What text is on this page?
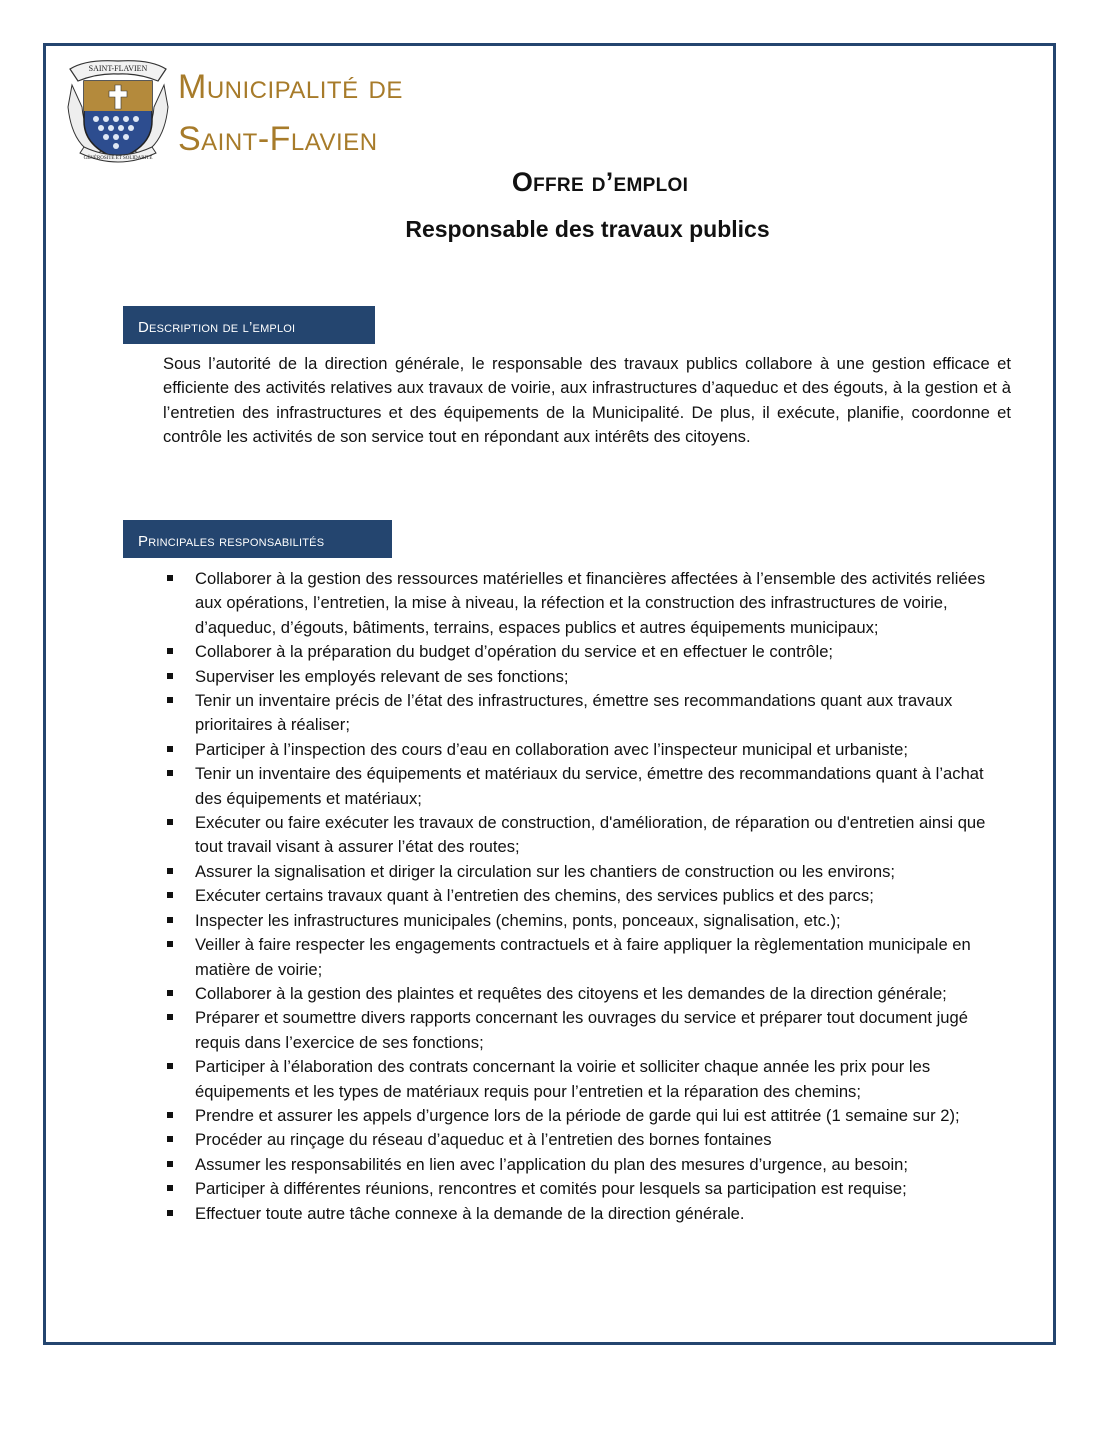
SAINT-FLAVIEN
GÉNÉROSITÉ ET SOLIDARITÉ
Municipalité de
Saint-Flavien
Offre d’emploi
Responsable des travaux publics
Description de l’emploi
Sous l’autorité de la direction générale, le responsable des travaux publics collabore à une gestion efficace et efficiente des activités relatives aux travaux de voirie, aux infrastructures d’aqueduc et des égouts, à la gestion et à l’entretien des infrastructures et des équipements de la Municipalité. De plus, il exécute, planifie, coordonne et contrôle les activités de son service tout en répondant aux intérêts des citoyens.
Principales responsabilités
Collaborer à la gestion des ressources matérielles et financières affectées à l’ensemble des activités reliées aux opérations, l’entretien, la mise à niveau, la réfection et la construction des infrastructures de voirie, d’aqueduc, d’égouts, bâtiments, terrains, espaces publics et autres équipements municipaux;
Collaborer à la préparation du budget d’opération du service et en effectuer le contrôle;
Superviser les employés relevant de ses fonctions;
Tenir un inventaire précis de l’état des infrastructures, émettre ses recommandations quant aux travaux prioritaires à réaliser;
Participer à l’inspection des cours d’eau en collaboration avec l’inspecteur municipal et urbaniste;
Tenir un inventaire des équipements et matériaux du service, émettre des recommandations quant à l’achat des équipements et matériaux;
Exécuter ou faire exécuter les travaux de construction, d'amélioration, de réparation ou d'entretien ainsi que tout travail visant à assurer l’état des routes;
Assurer la signalisation et diriger la circulation sur les chantiers de construction ou les environs;
Exécuter certains travaux quant à l’entretien des chemins, des services publics et des parcs;
Inspecter les infrastructures municipales (chemins, ponts, ponceaux, signalisation, etc.);
Veiller à faire respecter les engagements contractuels et à faire appliquer la règlementation municipale en matière de voirie;
Collaborer à la gestion des plaintes et requêtes des citoyens et les demandes de la direction générale;
Préparer et soumettre divers rapports concernant les ouvrages du service et préparer tout document jugé requis dans l’exercice de ses fonctions;
Participer à l’élaboration des contrats concernant la voirie et solliciter chaque année les prix pour les équipements et les types de matériaux requis pour l’entretien et la réparation des chemins;
Prendre et assurer les appels d’urgence lors de la période de garde qui lui est attitrée (1 semaine sur 2);
Procéder au rinçage du réseau d’aqueduc et à l’entretien des bornes fontaines
Assumer les responsabilités en lien avec l’application du plan des mesures d’urgence, au besoin;
Participer à différentes réunions, rencontres et comités pour lesquels sa participation est requise;
Effectuer toute autre tâche connexe à la demande de la direction générale.
